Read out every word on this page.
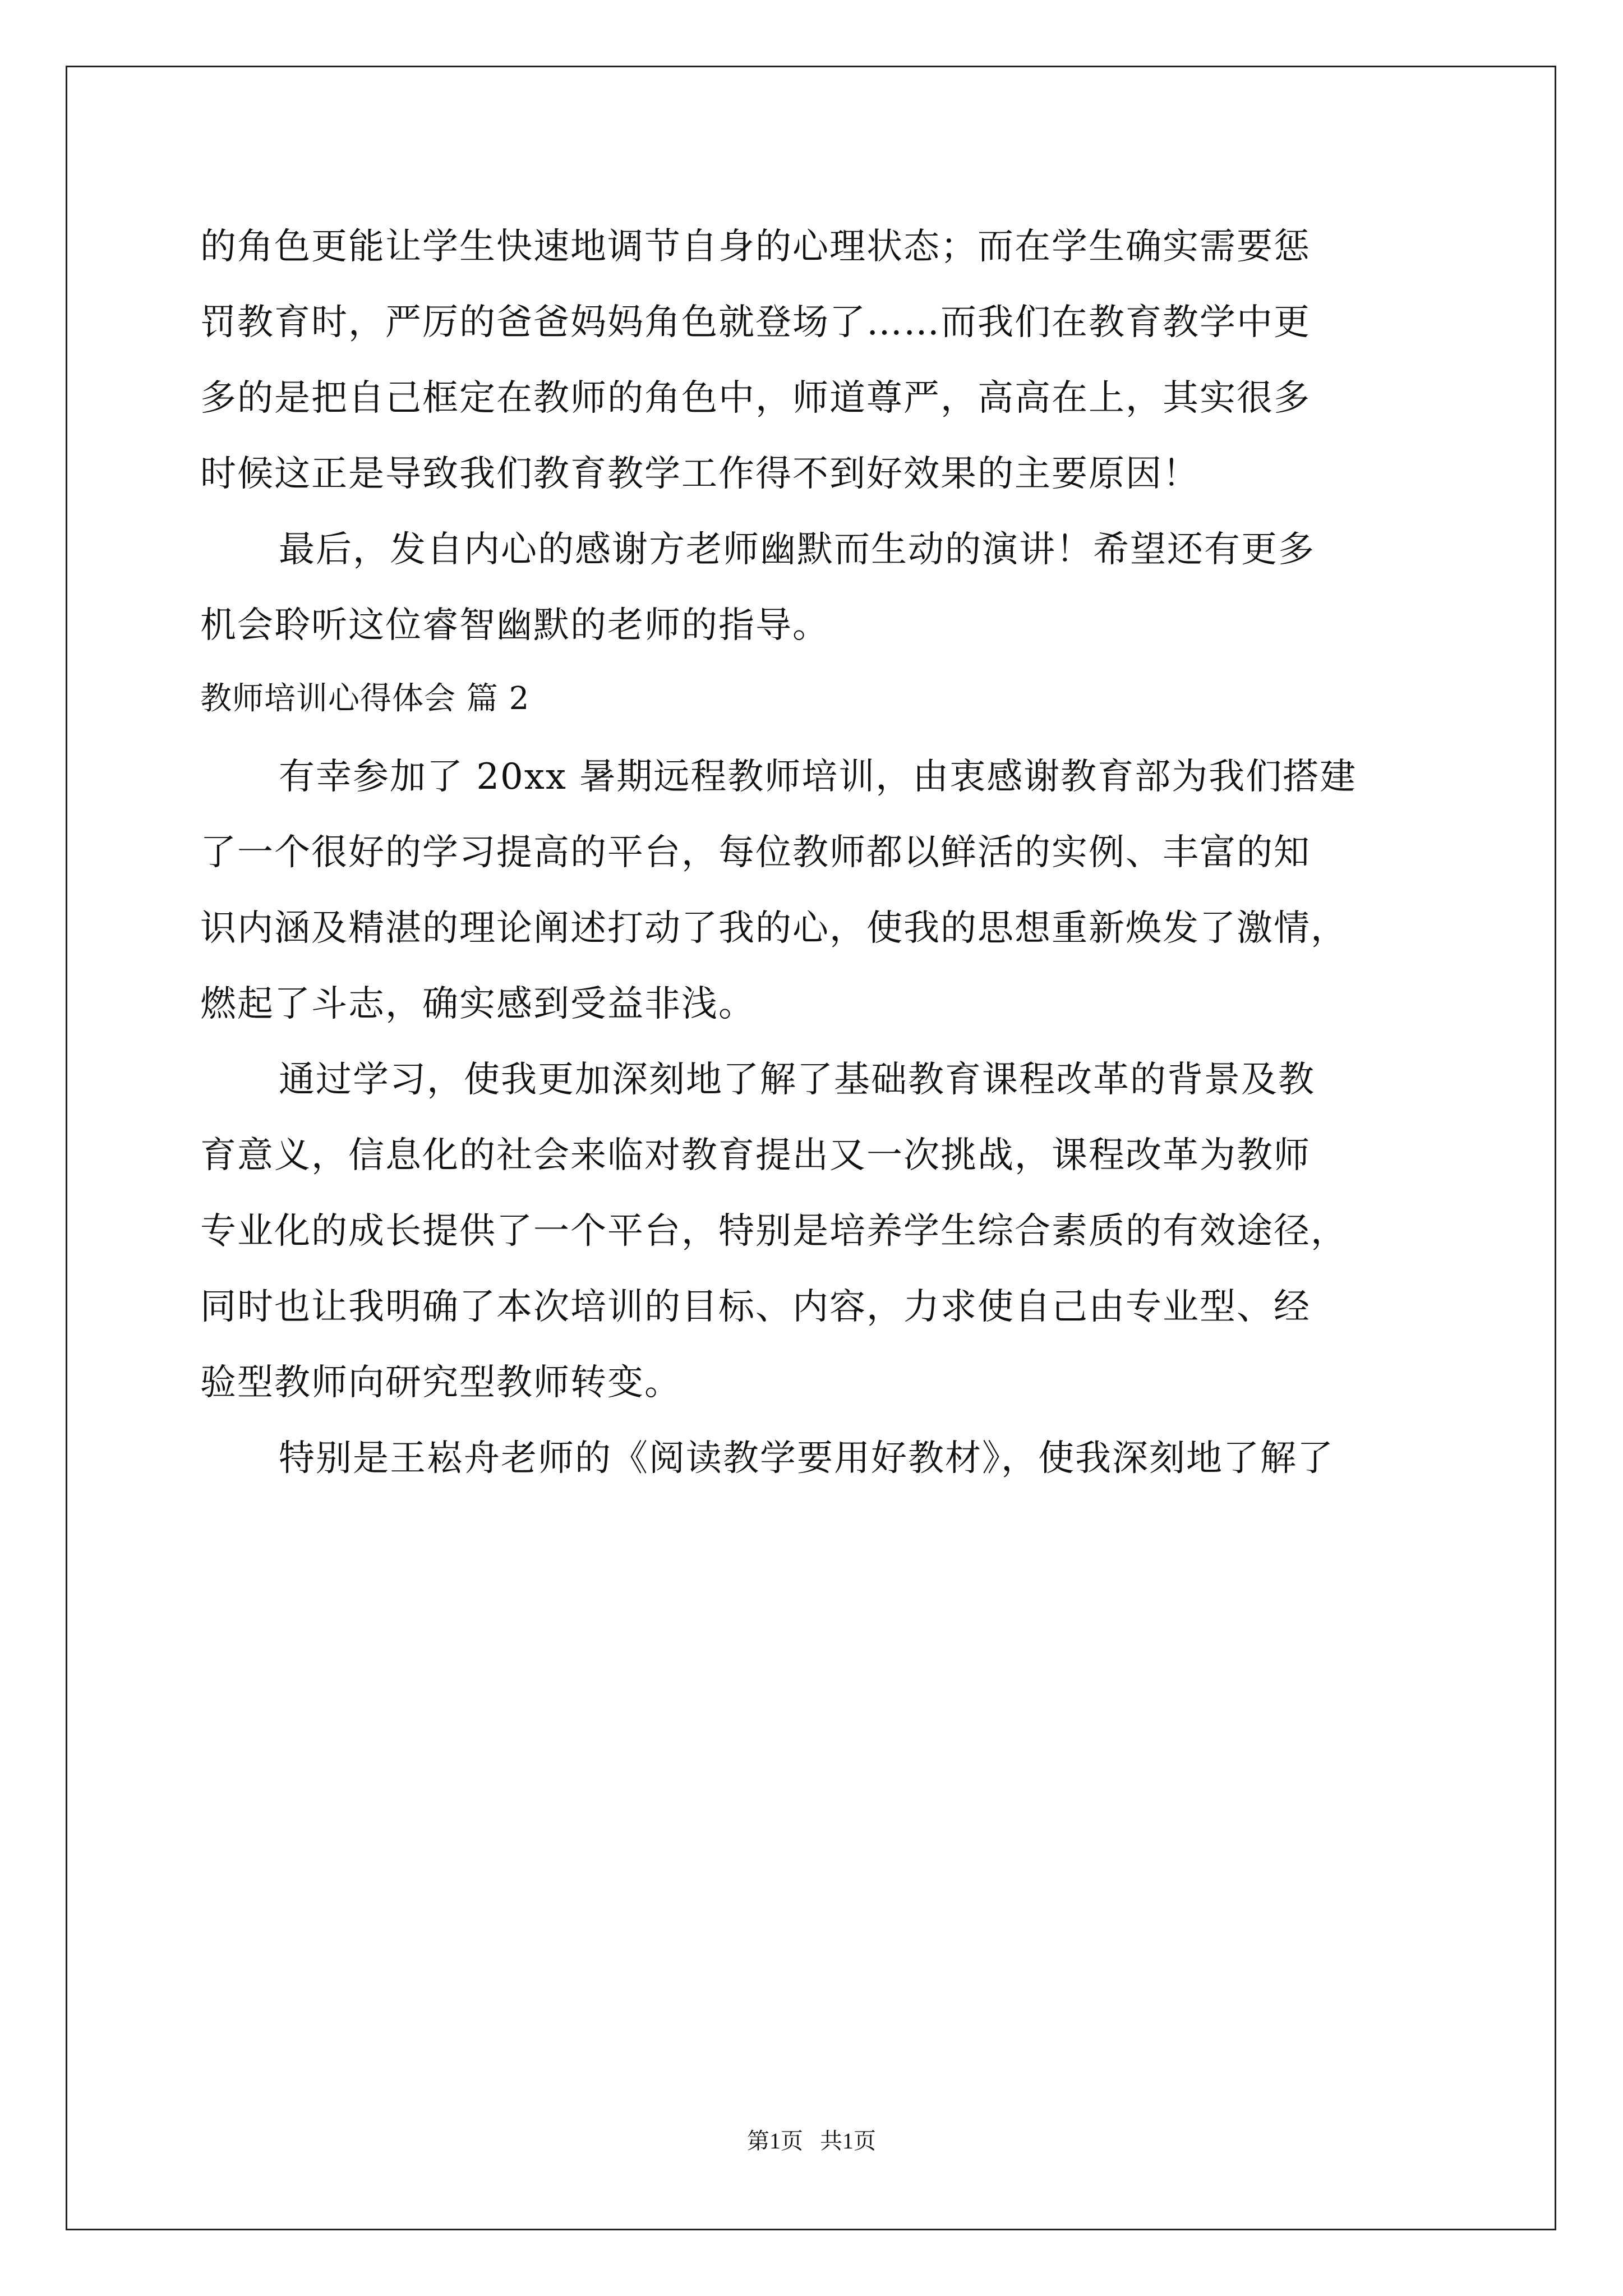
的角色更能让学生快速地调节自身的心理状态；而在学生确实需要惩
罚教育时，严厉的爸爸妈妈角色就登场了……而我们在教育教学中更
多的是把自己框定在教师的角色中，师道尊严，高高在上，其实很多
时候这正是导致我们教育教学工作得不到好效果的主要原因！
最后，发自内心的感谢方老师幽默而生动的演讲！希望还有更多
机会聆听这位睿智幽默的老师的指导。
教师培训心得体会 篇 2
有幸参加了 20xx 暑期远程教师培训，由衷感谢教育部为我们搭建
了一个很好的学习提高的平台，每位教师都以鲜活的实例、丰富的知
识内涵及精湛的理论阐述打动了我的心，使我的思想重新焕发了激情，
燃起了斗志，确实感到受益非浅。
通过学习，使我更加深刻地了解了基础教育课程改革的背景及教
育意义，信息化的社会来临对教育提出又一次挑战，课程改革为教师
专业化的成长提供了一个平台，特别是培养学生综合素质的有效途径，
同时也让我明确了本次培训的目标、内容，力求使自己由专业型、经
验型教师向研究型教师转变。
特别是王崧舟老师的《阅读教学要用好教材》，使我深刻地了解了
第1页   共1页
